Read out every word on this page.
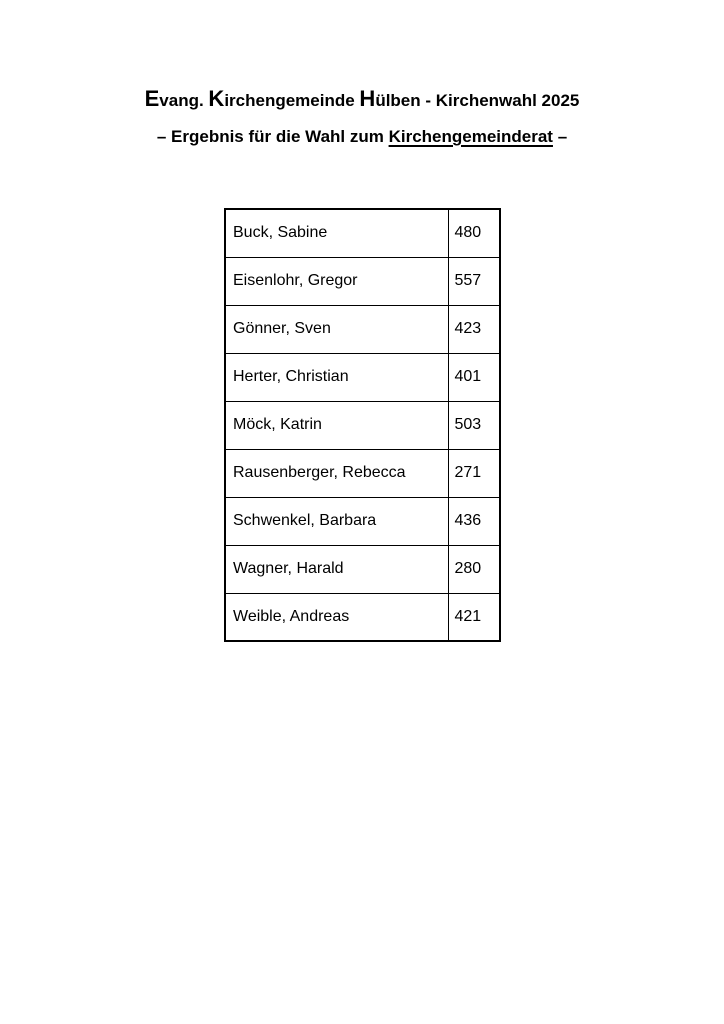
Evang. Kirchengemeinde Hülben - Kirchenwahl 2025
– Ergebnis für die Wahl zum Kirchengemeinderat –
Buck, Sabine	480
Eisenlohr, Gregor	557
Gönner, Sven	423
Herter, Christian	401
Möck, Katrin	503
Rausenberger, Rebecca	271
Schwenkel, Barbara	436
Wagner, Harald	280
Weible, Andreas	421
